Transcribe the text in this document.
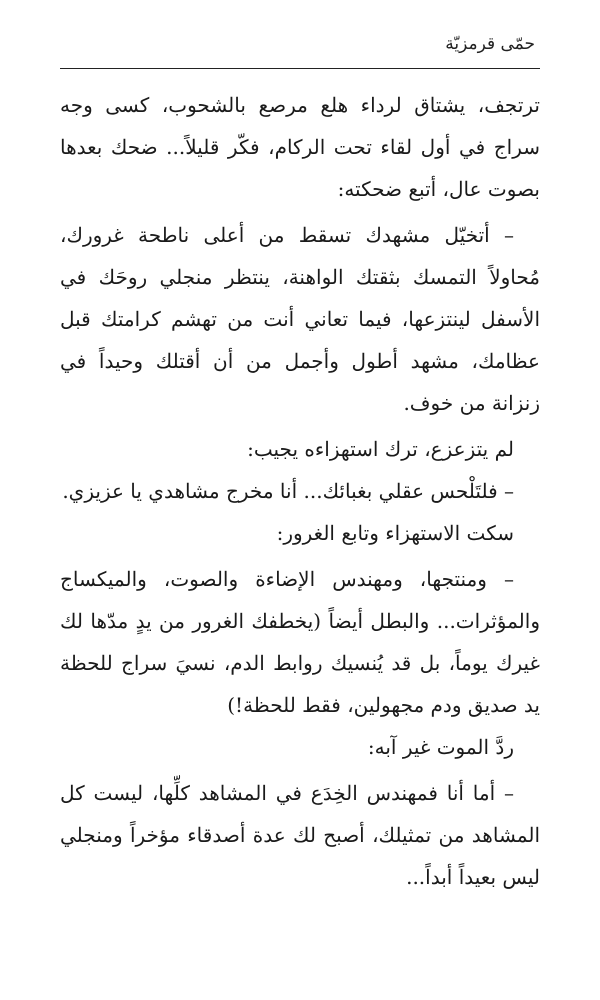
حمّى قرمزيّة

ترتجف، يشتاق لرداء هلع مرصع بالشحوب، كسى وجه سراج في أول لقاء تحت الركام، فكّر قليلاً... ضحك بعدها بصوت عال، أتبع ضحكته:

– أتخيّل مشهدك تسقط من أعلى ناطحة غرورك، مُحاولاً التمسك بثقتك الواهنة، ينتظر منجلي روحَك في الأسفل لينتزعها، فيما تعاني أنت من تهشم كرامتك قبل عظامك، مشهد أطول وأجمل من أن أقتلك وحيداً في زنزانة من خوف.

لم يتزعزع، ترك استهزاءه يجيب:

– فلتَلْحس عقلي بغبائك... أنا مخرج مشاهدي يا عزيزي.

سكت الاستهزاء وتابع الغرور:

– ومنتجها، ومهندس الإضاءة والصوت، والميكساج والمؤثرات... والبطل أيضاً (يخطفك الغرور من يدٍ مدّها لك غيرك يوماً، بل قد يُنسيك روابط الدم، نسيَ سراج للحظة يد صديق ودم مجهولين، فقط للحظة!)

ردَّ الموت غير آبه:

– أما أنا فمهندس الخِدَع في المشاهد كلِّها، ليست كل المشاهد من تمثيلك، أصبح لك عدة أصدقاء مؤخراً ومنجلي ليس بعيداً أبداً...
